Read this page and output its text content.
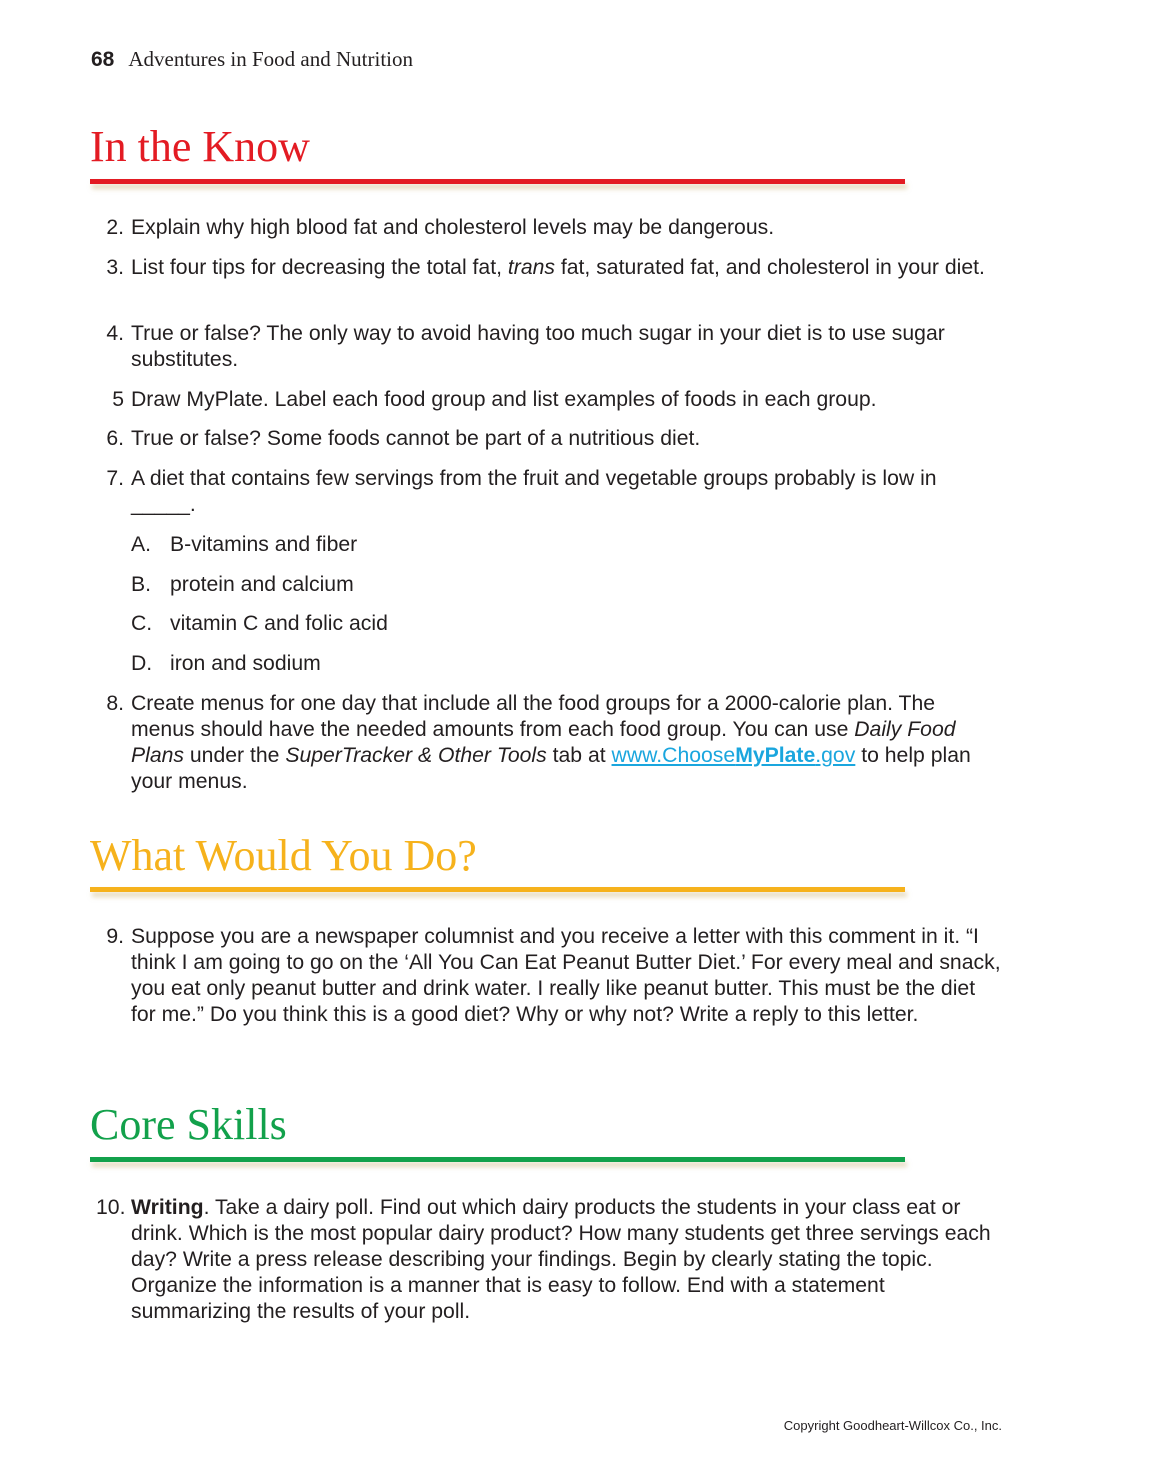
68 Adventures in Food and Nutrition
In the Know
2. Explain why high blood fat and cholesterol levels may be dangerous.
3. List four tips for decreasing the total fat, trans fat, saturated fat, and cholesterol in your diet.
4. True or false? The only way to avoid having too much sugar in your diet is to use sugar substitutes.
5 Draw MyPlate. Label each food group and list examples of foods in each group.
6. True or false? Some foods cannot be part of a nutritious diet.
7. A diet that contains few servings from the fruit and vegetable groups probably is low in _____.
A. B-vitamins and fiber
B. protein and calcium
C. vitamin C and folic acid
D. iron and sodium
8. Create menus for one day that include all the food groups for a 2000-calorie plan. The menus should have the needed amounts from each food group. You can use Daily Food Plans under the SuperTracker & Other Tools tab at www.ChooseMyPlate.gov to help plan your menus.
What Would You Do?
9. Suppose you are a newspaper columnist and you receive a letter with this comment in it. “I think I am going to go on the ‘All You Can Eat Peanut Butter Diet.’ For every meal and snack, you eat only peanut butter and drink water. I really like peanut butter. This must be the diet for me.” Do you think this is a good diet? Why or why not? Write a reply to this letter.
Core Skills
10. Writing. Take a dairy poll. Find out which dairy products the students in your class eat or drink. Which is the most popular dairy product? How many students get three servings each day? Write a press release describing your findings. Begin by clearly stating the topic. Organize the information is a manner that is easy to follow. End with a statement summarizing the results of your poll.
Copyright Goodheart-Willcox Co., Inc.
